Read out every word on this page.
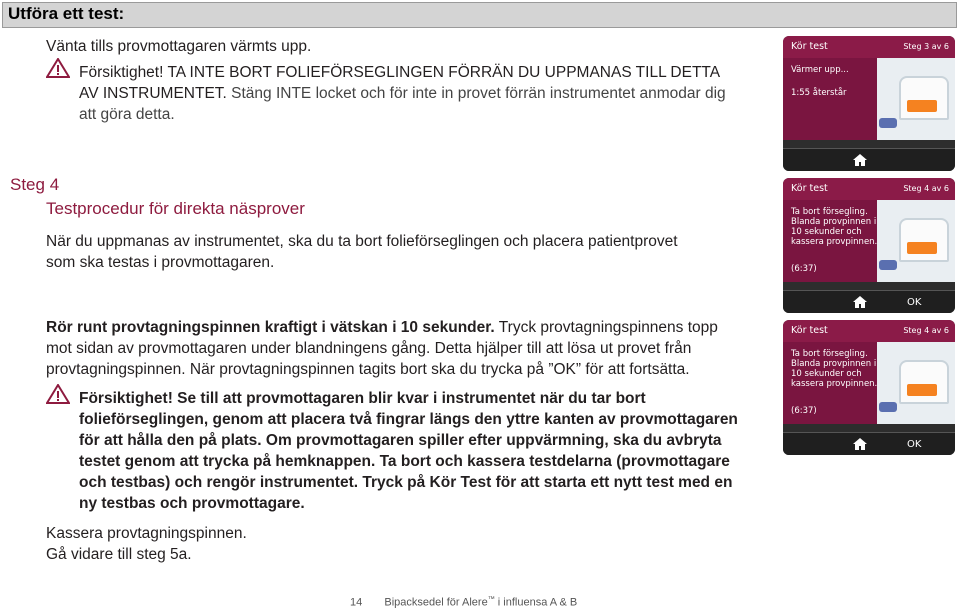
Utföra ett test:
Vänta tills provmottagaren värmts upp.
Försiktighet! TA INTE BORT FOLIEFÖRSEGLINGEN FÖRRÄN DU UPPMANAS TILL DETTA
AV INSTRUMENTET. Stäng INTE locket och för inte in provet förrän instrumentet anmodar dig
att göra detta.
Steg 4
Testprocedur för direkta näsprover
När du uppmanas av instrumentet, ska du ta bort folieförseglingen och placera patientprovet
som ska testas i provmottagaren.
Rör runt provtagningspinnen kraftigt i vätskan i 10 sekunder. Tryck provtagningspinnens topp
mot sidan av provmottagaren under blandningens gång. Detta hjälper till att lösa ut provet från
provtagningspinnen. När provtagningspinnen tagits bort ska du trycka på ”OK” för att fortsätta.
Försiktighet! Se till att provmottagaren blir kvar i instrumentet när du tar bort
folieförseglingen, genom att placera två fingrar längs den yttre kanten av provmottagaren
för att hålla den på plats. Om provmottagaren spiller efter uppvärmning, ska du avbryta
testet genom att trycka på hemknappen. Ta bort och kassera testdelarna (provmottagare
och testbas) och rengör instrumentet. Tryck på Kör Test för att starta ett nytt test med en
ny testbas och provmottagare.
Kassera provtagningspinnen.
Gå vidare till steg 5a.
Kör test	Steg 3 av 6
Värmer upp...
1:55 återstår
Kör test	Steg 4 av 6
Ta bort försegling.
Blanda provpinnen i
10 sekunder och
kassera provpinnen.
(6:37)
OK
Kör test	Steg 4 av 6
Ta bort försegling.
Blanda provpinnen i
10 sekunder och
kassera provpinnen.
(6:37)
OK
14 Bipacksedel för Alere™ i influensa A & B
